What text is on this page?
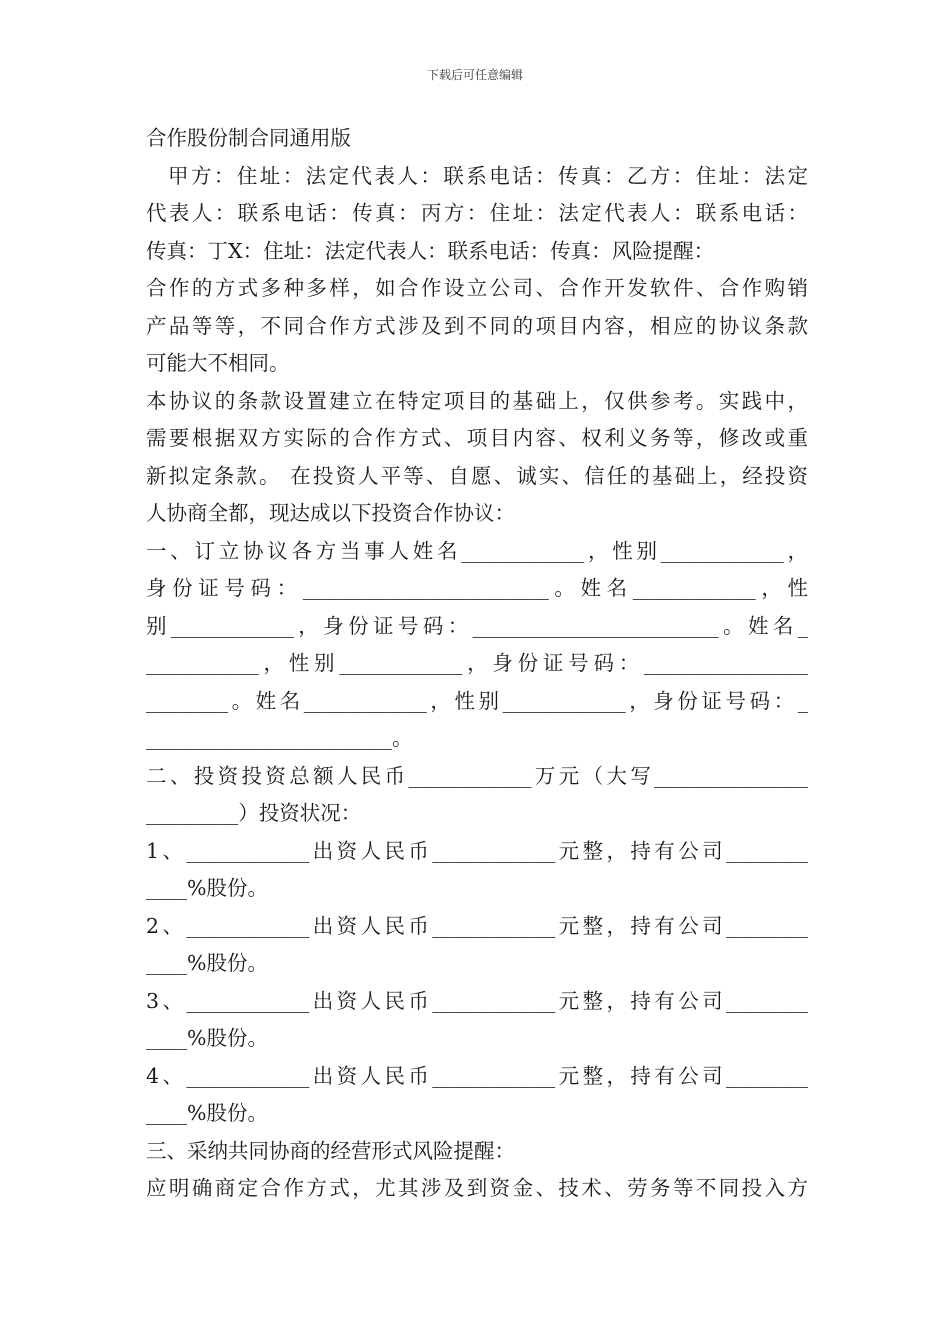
下载后可任意编辑
合作股份制合同通用版
甲方：住址：法定代表人：联系电话：传真：乙方：住址：法定
代表人：联系电话：传真：丙方：住址：法定代表人：联系电话：
传真：丁X：住址：法定代表人：联系电话：传真：风险提醒：
合作的方式多种多样，如合作设立公司、合作开发软件、合作购销
产品等等，不同合作方式涉及到不同的项目内容，相应的协议条款
可能大不相同。
本协议的条款设置建立在特定项目的基础上，仅供参考。实践中，
需要根据双方实际的合作方式、项目内容、权利义务等，修改或重
新拟定条款。 在投资人平等、自愿、诚实、信任的基础上，经投资
人协商全都，现达成以下投资合作协议：
一、订立协议各方当事人姓名____________，性别____________，
身份证号码：________________________。姓名____________，性
别____________，身份证号码：________________________。姓名_
___________，性别____________，身份证号码：________________
________。姓名____________，性别____________，身份证号码：_
________________________。
二、投资投资总额人民币____________万元（大写_______________
_________）投资状况：
1、____________出资人民币____________元整，持有公司________
____%股份。
2、____________出资人民币____________元整，持有公司________
____%股份。
3、____________出资人民币____________元整，持有公司________
____%股份。
4、____________出资人民币____________元整，持有公司________
____%股份。
三、采纳共同协商的经营形式风险提醒：
应明确商定合作方式，尤其涉及到资金、技术、劳务等不同投入方
